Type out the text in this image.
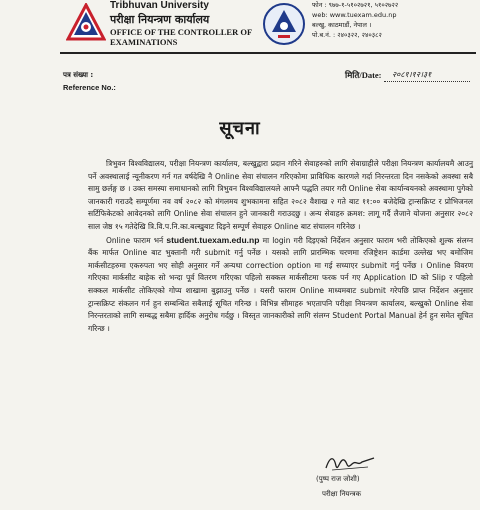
Tribhuvan University
परीक्षा नियन्त्रण कार्यालय
OFFICE OF THE CONTROLLER OF EXAMINATIONS
फोन : ९७७-१-५१०२७२१, ५१०२७२२
web: www.tuexam.edu.np
बल्खु, काठमाडौं, नेपाल ।
पो.ब.नं. : २४०३२२, २४०३८२
पत्र संख्या :
Reference No.:
मिति/Date: २०८१।१२।३१
सूचना

त्रिभुवन विश्वविद्यालय, परीक्षा नियन्त्रण कार्यालय, बल्खुद्वारा प्रदान गरिने सेवाहरुको लागि सेवाग्राहीले परीक्षा नियन्त्रण कार्यालयमै आउनु पर्ने अवस्थालाई न्यूनीकरण गर्न गत वर्षदेखि नै Online सेवा संचालन गरिएकोमा प्राविधिक कारणले गर्दा निरन्तरता दिन नसकेको अवस्था सबै सामु छर्लङ्ग छ । उक्त समस्या समाधानको लागि त्रिभुवन विश्वविद्यालयले आफ्नै पद्धति तयार गरी Online सेवा कार्यान्वयनको अवस्थामा पुगेको जानकारी गराउदै सम्पूर्णमा नव वर्ष २०८२ को मंगलमय शुभकामना सहित २०८२ वैशाख २ गते बाट ११:०० बजेदेखि ट्रान्सक्रिप्ट र प्रोभिजनल सर्टिफिकेटको आवेदनको लागि Online सेवा संचालन हुने जानकारी गराउदछु । अन्य सेवाहरु क्रमश: लागू गर्दै लैजाने योजना अनुसार २०८२ साल जेष्ठ १५ गतेदेखि त्रि.वि.प.नि.का.बल्खुबाट दिइने सम्पूर्ण सेवाहरु Online बाट संचालन गरिनेछ ।

Online फाराम भर्न student.tuexam.edu.np मा login गरी दिइएको निर्देशन अनुसार फाराम भरी तोकिएको शुल्क संलग्न बैंक मार्फत Online बाट भुक्तानी गरी submit गर्नु पर्नेछ । यसको लागि प्रारम्भिक चरणमा रजिष्ट्रेशन कार्डमा उल्लेख भए बमोजिम मार्कसीटहरुमा एकरुपता भए सोही अनुसार गर्ने अन्यथा correction option मा गई सच्याएर submit गर्नु पर्नेछ । Online विवरण गरिएका मार्कसीट बाहेक सो भन्दा पूर्व वितरण गरिएका पहिलो सक्कल मार्कसीटमा फरक पर्न गए Application ID को Slip र पहिलो सक्कल मार्कसीट तोकिएको गोप्य शाखामा बुझाउनु पर्नेछ । यसरी फाराम Online माध्यमबाट submit गरेपछि प्राप्त निर्देशन अनुसार ट्रान्सक्रिप्ट संकलन गर्न हुन सम्बन्धित सबैलाई सूचित गरिन्छ । विभिन्न सीमाहरु भएतापनि परीक्षा नियन्त्रण कार्यालय, बल्खुको Online सेवा निरन्तरताको लागि सम्बद्ध सबैमा हार्दिक अनुरोध गर्दछु । विस्तृत जानकारीको लागि संलग्न Student Portal Manual हेर्न हुन समेत सूचित गरिन्छ ।

(पुष्प राज जोशी)
परीक्षा नियन्त्रक
